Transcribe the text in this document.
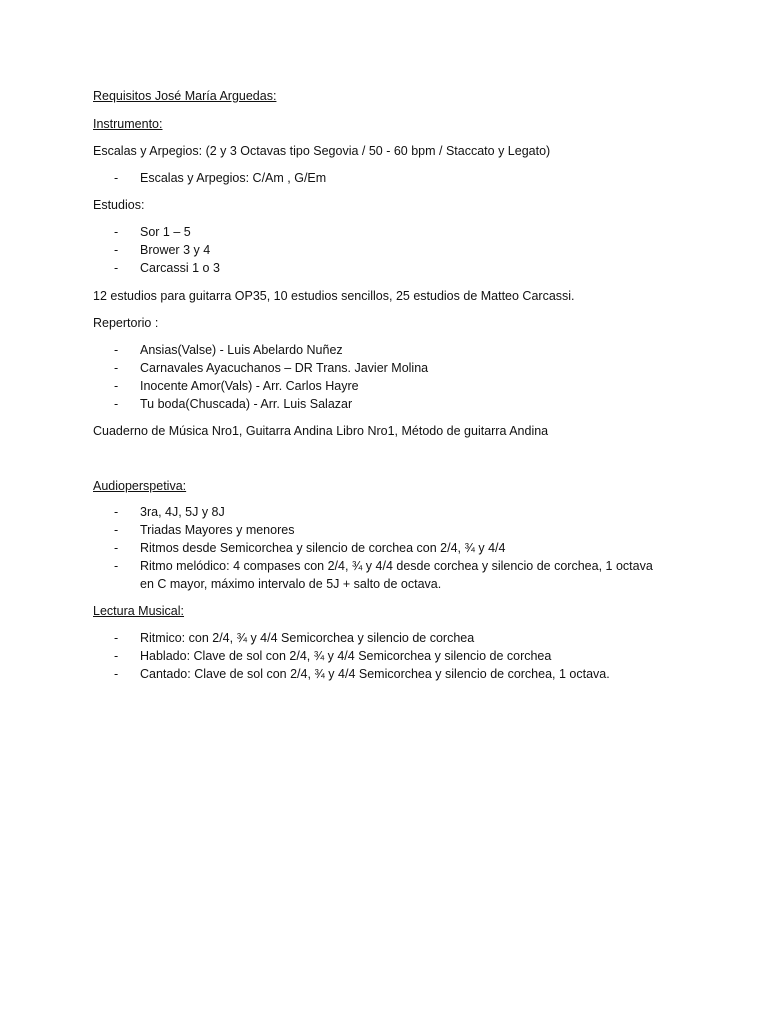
Requisitos José María Arguedas:
Instrumento:
Escalas y Arpegios: (2 y 3 Octavas tipo Segovia / 50 - 60 bpm / Staccato y Legato)
- Escalas y Arpegios: C/Am , G/Em
Estudios:
- Sor 1 – 5
- Brower 3 y 4
- Carcassi 1 o 3
12 estudios para guitarra OP35, 10 estudios sencillos, 25 estudios de Matteo Carcassi.
Repertorio :
- Ansias(Valse) - Luis Abelardo Nuñez
- Carnavales Ayacuchanos – DR Trans. Javier Molina
- Inocente Amor(Vals) - Arr. Carlos Hayre
- Tu boda(Chuscada) - Arr. Luis Salazar
Cuaderno de Música Nro1, Guitarra Andina Libro Nro1, Método de guitarra Andina
Audioperspetiva:
- 3ra, 4J, 5J y 8J
- Triadas Mayores y menores
- Ritmos desde Semicorchea y silencio de corchea con 2/4, ¾ y 4/4
- Ritmo melódico: 4 compases con 2/4, ¾ y 4/4 desde corchea y silencio de corchea, 1 octava
en C mayor, máximo intervalo de 5J + salto de octava.
Lectura Musical:
- Ritmico: con 2/4, ¾ y 4/4 Semicorchea y silencio de corchea
- Hablado: Clave de sol con 2/4, ¾ y 4/4 Semicorchea y silencio de corchea
- Cantado: Clave de sol con 2/4, ¾ y 4/4 Semicorchea y silencio de corchea, 1 octava.
